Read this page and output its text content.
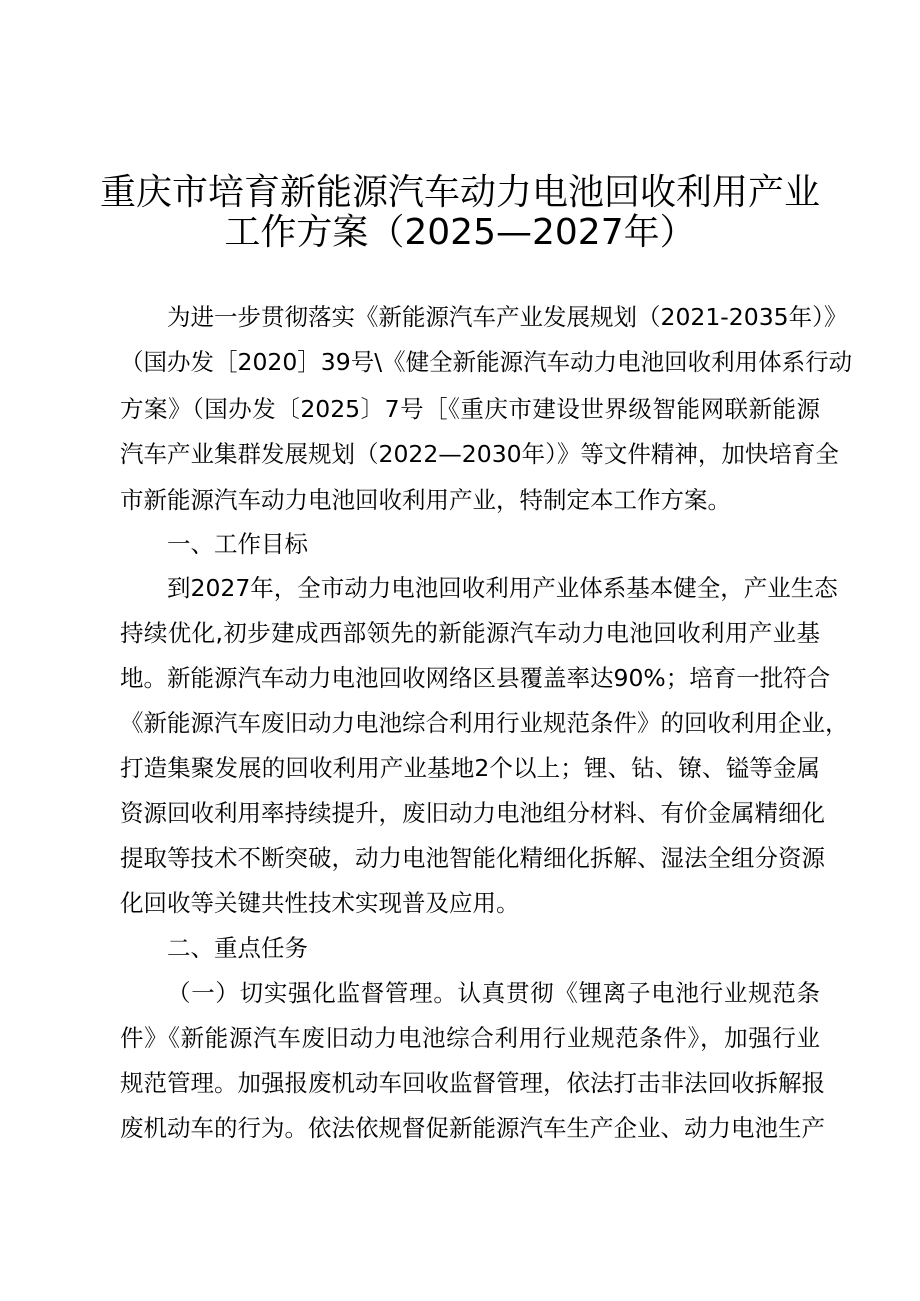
重庆市培育新能源汽车动力电池回收利用产业
工作方案（2025—2027年）
为进一步贯彻落实《新能源汽车产业发展规划（2021-2035年）》
（国办发［2020］39号\《健全新能源汽车动力电池回收利用体系行动
方案》（国办发〔2025〕7号［《重庆市建设世界级智能网联新能源
汽车产业集群发展规划（2022—2030年）》等文件精神，加快培育全
市新能源汽车动力电池回收利用产业，特制定本工作方案。
一、工作目标
到2027年，全市动力电池回收利用产业体系基本健全，产业生态
持续优化,初步建成西部领先的新能源汽车动力电池回收利用产业基
地。新能源汽车动力电池回收网络区县覆盖率达90%；培育一批符合
《新能源汽车废旧动力电池综合利用行业规范条件》的回收利用企业，
打造集聚发展的回收利用产业基地2个以上；锂、钻、镣、镒等金属
资源回收利用率持续提升，废旧动力电池组分材料、有价金属精细化
提取等技术不断突破，动力电池智能化精细化拆解、湿法全组分资源
化回收等关键共性技术实现普及应用。
二、重点任务
（一）切实强化监督管理。认真贯彻《锂离子电池行业规范条
件》《新能源汽车废旧动力电池综合利用行业规范条件》，加强行业
规范管理。加强报废机动车回收监督管理，依法打击非法回收拆解报
废机动车的行为。依法依规督促新能源汽车生产企业、动力电池生产
